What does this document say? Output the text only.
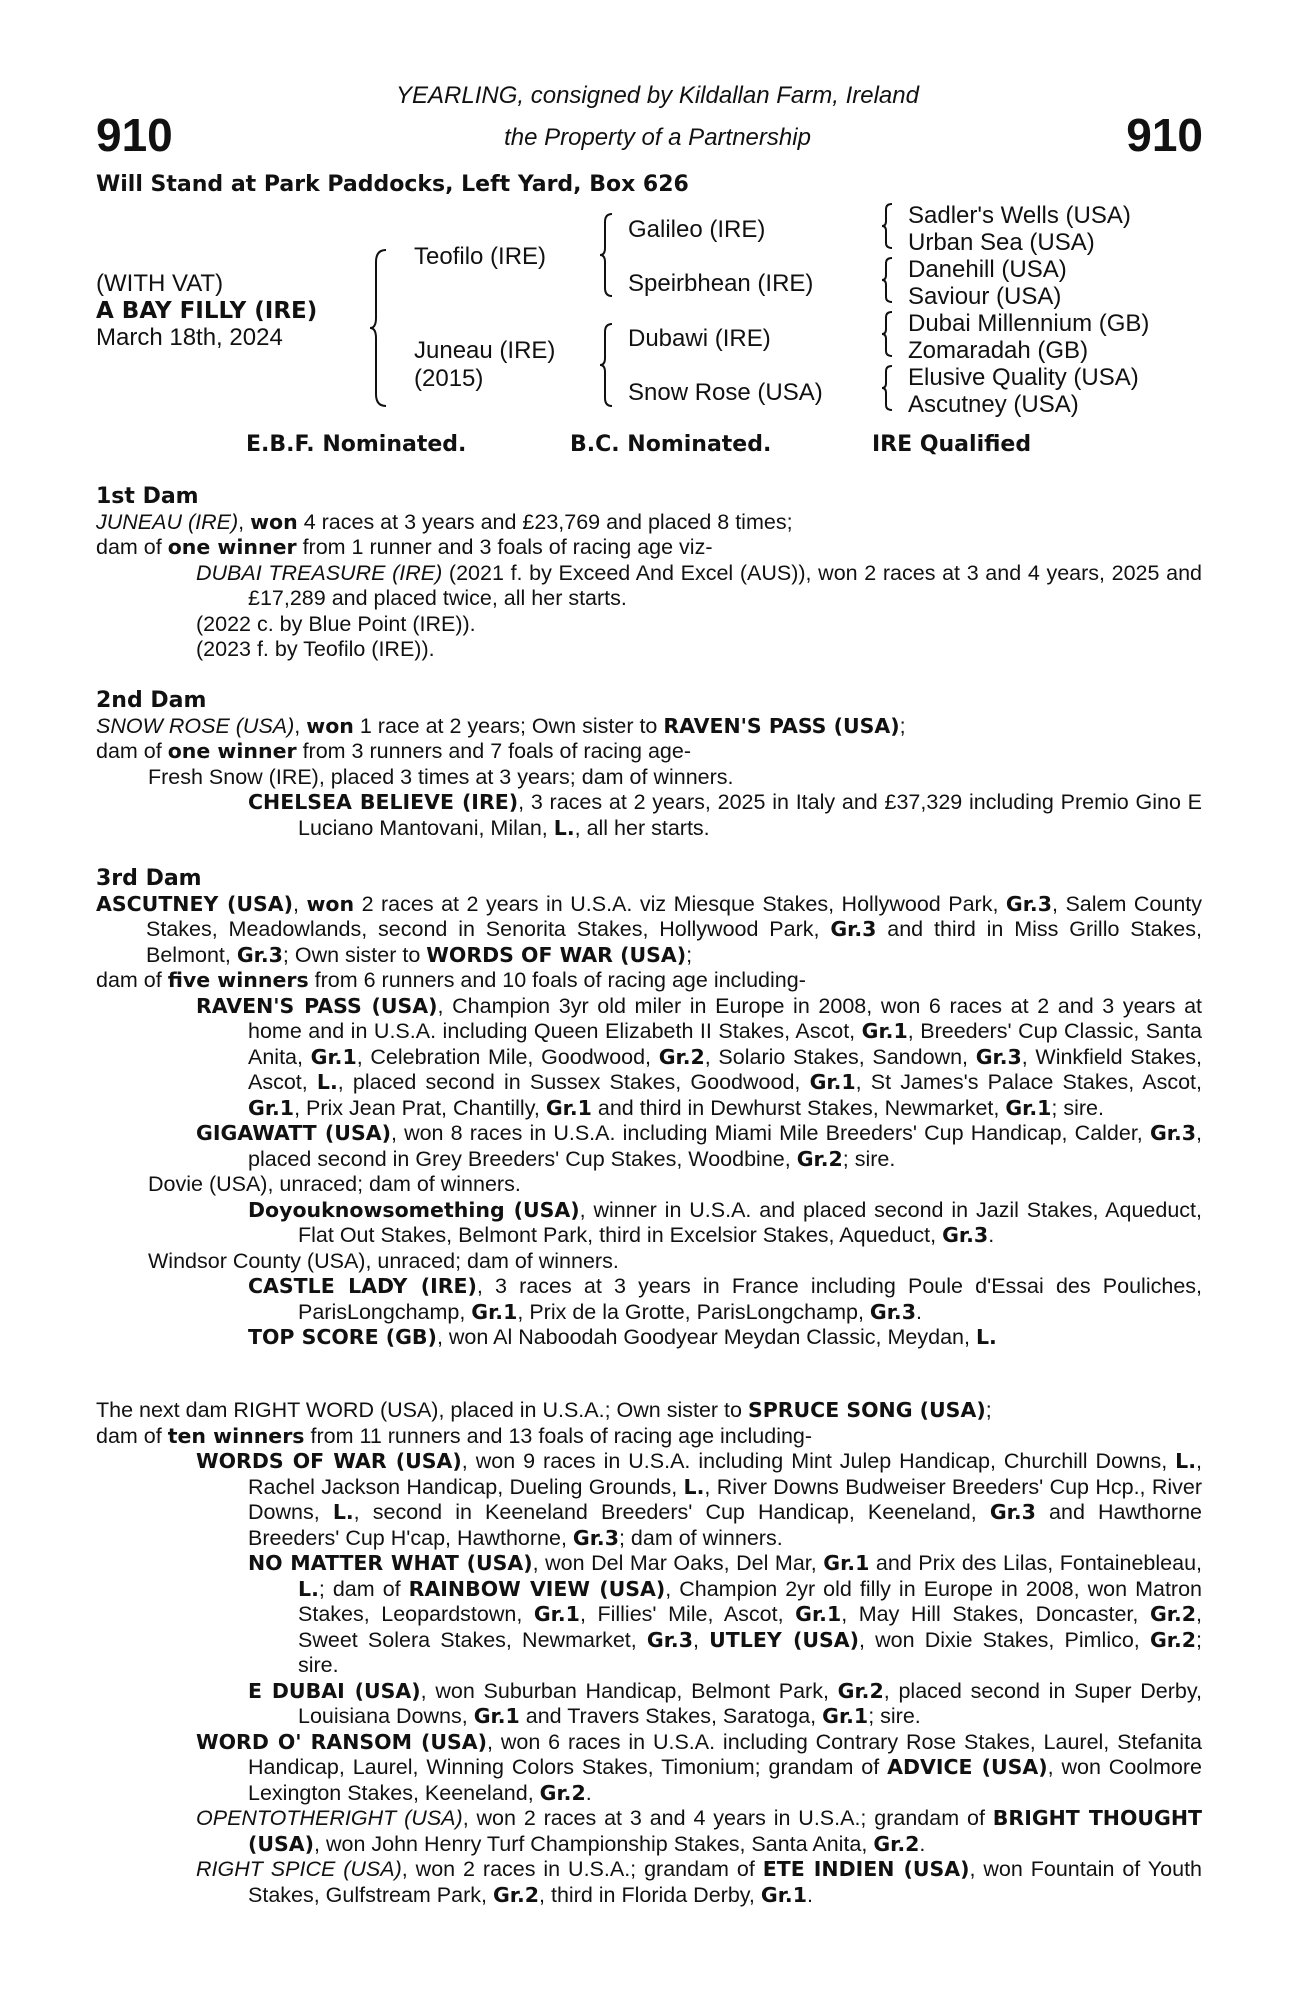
910	910
YEARLING, consigned by Kildallan Farm, Ireland
the Property of a Partnership
Will Stand at Park Paddocks, Left Yard, Box 626
(WITH VAT)
A BAY FILLY (IRE)
March 18th, 2024
Teofilo (IRE)
Juneau (IRE)
(2015)
Galileo (IRE)
Speirbhean (IRE)
Dubawi (IRE)
Snow Rose (USA)
Sadler's Wells (USA)
Urban Sea (USA)
Danehill (USA)
Saviour (USA)
Dubai Millennium (GB)
Zomaradah (GB)
Elusive Quality (USA)
Ascutney (USA)
E.B.F. Nominated.	B.C. Nominated.	IRE Qualified

1st Dam

JUNEAU (IRE), won 4 races at 3 years and £23,769 and placed 8 times;

dam of one winner from 1 runner and 3 foals of racing age viz-

DUBAI TREASURE (IRE) (2021 f. by Exceed And Excel (AUS)), won 2 races at 3 and 4 years, 2025 and £17,289 and placed twice, all her starts.

(2022 c. by Blue Point (IRE)).

(2023 f. by Teofilo (IRE)).

2nd Dam

SNOW ROSE (USA), won 1 race at 2 years; Own sister to RAVEN'S PASS (USA);

dam of one winner from 3 runners and 7 foals of racing age-

Fresh Snow (IRE), placed 3 times at 3 years; dam of winners.

CHELSEA BELIEVE (IRE), 3 races at 2 years, 2025 in Italy and £37,329 including Premio Gino E Luciano Mantovani, Milan, L., all her starts.

3rd Dam

ASCUTNEY (USA), won 2 races at 2 years in U.S.A. viz Miesque Stakes, Hollywood Park, Gr.3, Salem County Stakes, Meadowlands, second in Senorita Stakes, Hollywood Park, Gr.3 and third in Miss Grillo Stakes, Belmont, Gr.3; Own sister to WORDS OF WAR (USA);

dam of five winners from 6 runners and 10 foals of racing age including-

RAVEN'S PASS (USA), Champion 3yr old miler in Europe in 2008, won 6 races at 2 and 3 years at home and in U.S.A. including Queen Elizabeth II Stakes, Ascot, Gr.1, Breeders' Cup Classic, Santa Anita, Gr.1, Celebration Mile, Goodwood, Gr.2, Solario Stakes, Sandown, Gr.3, Winkfield Stakes, Ascot, L., placed second in Sussex Stakes, Goodwood, Gr.1, St James's Palace Stakes, Ascot, Gr.1, Prix Jean Prat, Chantilly, Gr.1 and third in Dewhurst Stakes, Newmarket, Gr.1; sire.

GIGAWATT (USA), won 8 races in U.S.A. including Miami Mile Breeders' Cup Handicap, Calder, Gr.3, placed second in Grey Breeders' Cup Stakes, Woodbine, Gr.2; sire.

Dovie (USA), unraced; dam of winners.

Doyouknowsomething (USA), winner in U.S.A. and placed second in Jazil Stakes, Aqueduct, Flat Out Stakes, Belmont Park, third in Excelsior Stakes, Aqueduct, Gr.3.

Windsor County (USA), unraced; dam of winners.

CASTLE LADY (IRE), 3 races at 3 years in France including Poule d'Essai des Pouliches, ParisLongchamp, Gr.1, Prix de la Grotte, ParisLongchamp, Gr.3.

TOP SCORE (GB), won Al Naboodah Goodyear Meydan Classic, Meydan, L.

The next dam RIGHT WORD (USA), placed in U.S.A.; Own sister to SPRUCE SONG (USA);

dam of ten winners from 11 runners and 13 foals of racing age including-

WORDS OF WAR (USA), won 9 races in U.S.A. including Mint Julep Handicap, Churchill Downs, L., Rachel Jackson Handicap, Dueling Grounds, L., River Downs Budweiser Breeders' Cup Hcp., River Downs, L., second in Keeneland Breeders' Cup Handicap, Keeneland, Gr.3 and Hawthorne Breeders' Cup H'cap, Hawthorne, Gr.3; dam of winners.

NO MATTER WHAT (USA), won Del Mar Oaks, Del Mar, Gr.1 and Prix des Lilas, Fontainebleau, L.; dam of RAINBOW VIEW (USA), Champion 2yr old filly in Europe in 2008, won Matron Stakes, Leopardstown, Gr.1, Fillies' Mile, Ascot, Gr.1, May Hill Stakes, Doncaster, Gr.2, Sweet Solera Stakes, Newmarket, Gr.3, UTLEY (USA), won Dixie Stakes, Pimlico, Gr.2; sire.

E DUBAI (USA), won Suburban Handicap, Belmont Park, Gr.2, placed second in Super Derby, Louisiana Downs, Gr.1 and Travers Stakes, Saratoga, Gr.1; sire.

WORD O' RANSOM (USA), won 6 races in U.S.A. including Contrary Rose Stakes, Laurel, Stefanita Handicap, Laurel, Winning Colors Stakes, Timonium; grandam of ADVICE (USA), won Coolmore Lexington Stakes, Keeneland, Gr.2.

OPENTOTHERIGHT (USA), won 2 races at 3 and 4 years in U.S.A.; grandam of BRIGHT THOUGHT (USA), won John Henry Turf Championship Stakes, Santa Anita, Gr.2.

RIGHT SPICE (USA), won 2 races in U.S.A.; grandam of ETE INDIEN (USA), won Fountain of Youth Stakes, Gulfstream Park, Gr.2, third in Florida Derby, Gr.1.
